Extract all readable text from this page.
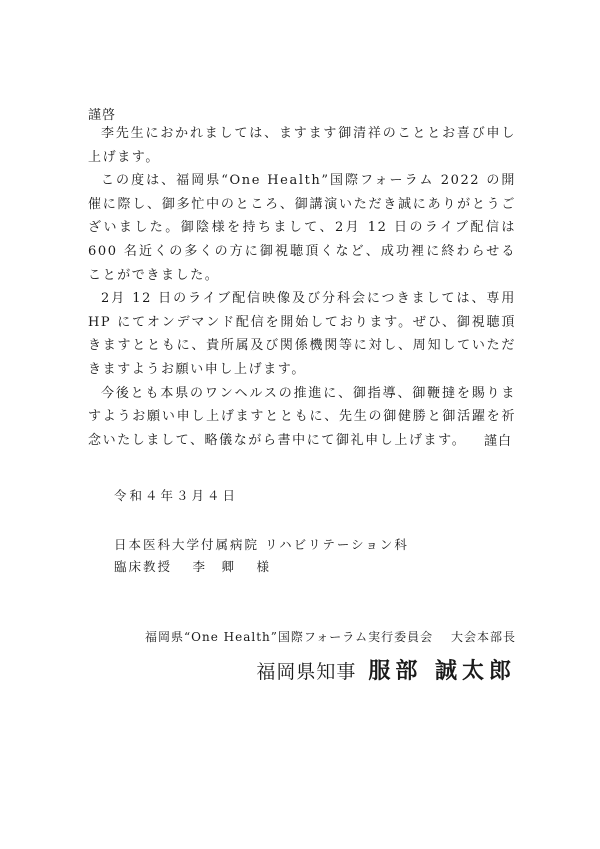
謹啓

李先生におかれましては、ますます御清祥のこととお喜び申し上げます。

この度は、福岡県“One Health”国際フォーラム 2022 の開催に際し、御多忙中のところ、御講演いただき誠にありがとうございました。御陰様を持ちまして、2月 12 日のライブ配信は 600 名近くの多くの方に御視聴頂くなど、成功裡に終わらせることができました。

2月 12 日のライブ配信映像及び分科会につきましては、専用 HP にてオンデマンド配信を開始しております。ぜひ、御視聴頂きますとともに、貴所属及び関係機関等に対し、周知していただきますようお願い申し上げます。

今後とも本県のワンヘルスの推進に、御指導、御鞭撻を賜りますようお願い申し上げますとともに、先生の御健勝と御活躍を祈念いたしまして、略儀ながら書中にて御礼申し上げます。	謹白
令和４年３月４日
日本医科大学付属病院 リハビリテーション科
臨床教授　 李　卿　 様
福岡県“One Health”国際フォーラム実行委員会　 大会本部長
福岡県知事 服部 誠太郎
